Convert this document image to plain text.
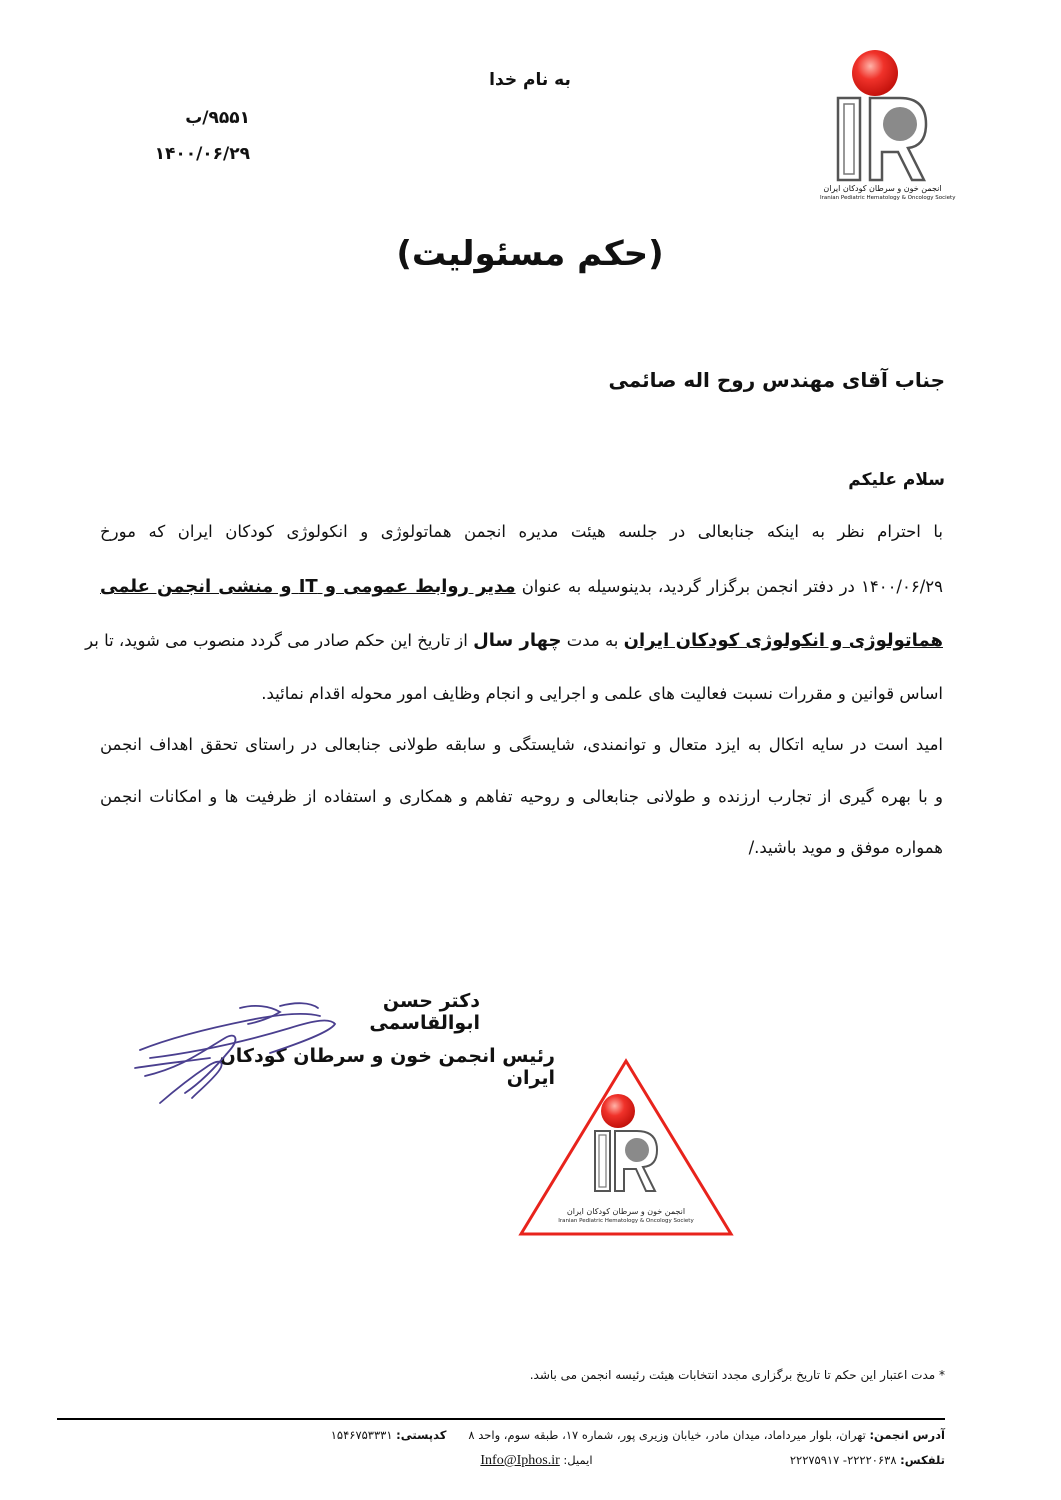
به نام خدا
۹۵۵۱/ب
۱۴۰۰/۰۶/۲۹
انجمن خون و سرطان کودکان ایران
Iranian Pediatric Hematology & Oncology Society
(حکم مسئولیت)
جناب آقای مهندس روح اله صائمی
سلام علیکم
با احترام نظر به اینکه جنابعالی در جلسه هیئت مدیره انجمن هماتولوژی و انکولوژی کودکان ایران که مورخ
۱۴۰۰/۰۶/۲۹ در دفتر انجمن برگزار گردید، بدینوسیله به عنوان مدیر روابط عمومی و IT و منشی انجمن علمی
هماتولوژی و انکولوژی کودکان ایران به مدت چهار سال از تاریخ این حکم صادر می گردد منصوب می شوید، تا بر
اساس قوانین و مقررات نسبت فعالیت های علمی و اجرایی و انجام وظایف امور محوله اقدام نمائید.
امید است در سایه اتکال به ایزد متعال و توانمندی، شایستگی و سابقه طولانی جنابعالی در راستای تحقق اهداف انجمن
و با بهره گیری از تجارب ارزنده و طولانی جنابعالی و روحیه تفاهم و همکاری و استفاده از ظرفیت ها و امکانات انجمن
همواره موفق و موید باشید./
دکتر حسن ابوالقاسمی
رئیس انجمن خون و سرطان کودکان ایران
انجمن خون و سرطان کودکان ایران
Iranian Pediatric Hematology & Oncology Society
* مدت اعتبار این حکم تا تاریخ برگزاری مجدد انتخابات هیئت رئیسه انجمن می باشد.
آدرس انجمن: تهران، بلوار میرداماد، میدان مادر، خیابان وزیری پور، شماره ۱۷، طبقه سوم، واحد ۸      کدپستی: ۱۵۴۶۷۵۳۳۳۱
تلفکس: ۲۲۲۲۰۶۳۸- ۲۲۲۷۵۹۱۷  ایمیل: Info@Iphos.ir
